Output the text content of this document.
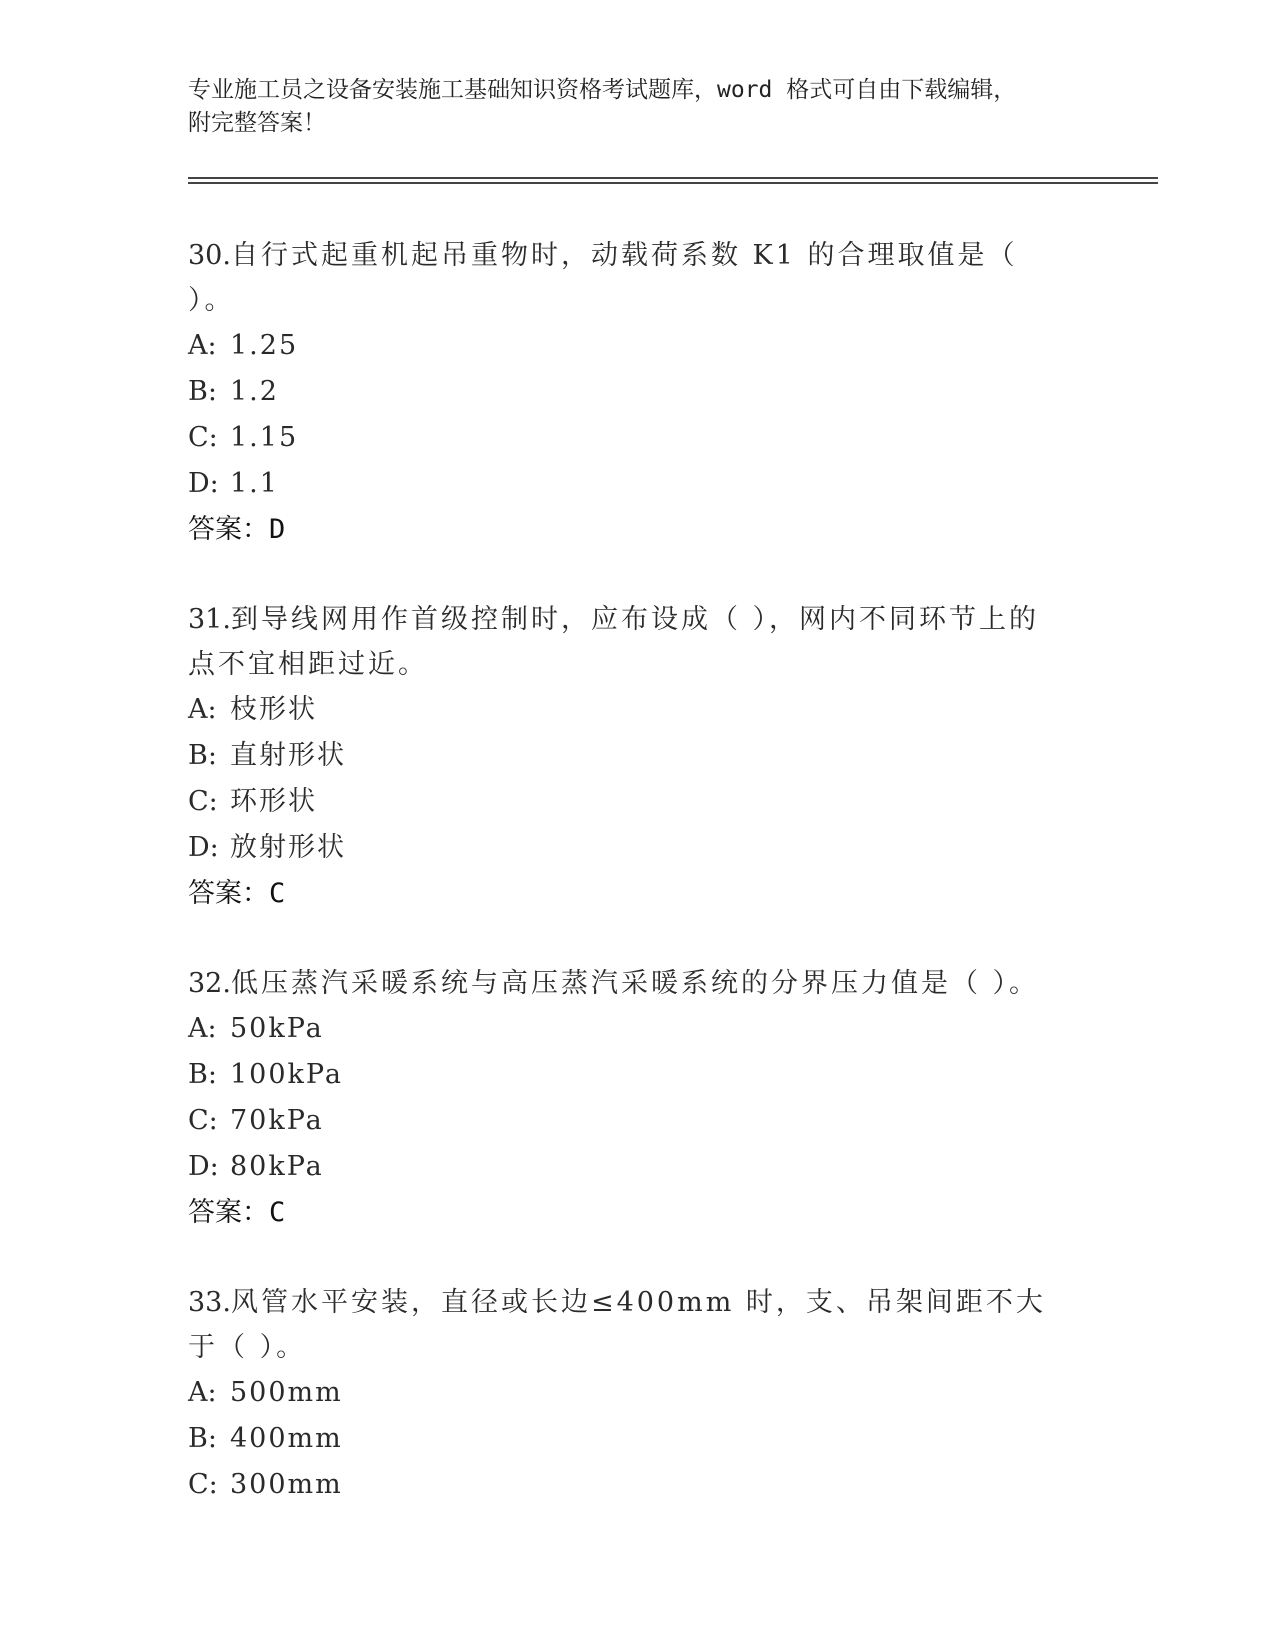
专业施工员之设备安装施工基础知识资格考试题库，word 格式可自由下载编辑，
附完整答案！
30.自行式起重机起吊重物时，动载荷系数 K1 的合理取值是（ ）。
A: 1.25
B: 1.2
C: 1.15
D: 1.1
答案：D
31.到导线网用作首级控制时，应布设成（ ），网内不同环节上的点不宜相距过近。
A: 枝形状
B: 直射形状
C: 环形状
D: 放射形状
答案：C
32.低压蒸汽采暖系统与高压蒸汽采暖系统的分界压力值是（ ）。
A: 50kPa
B: 100kPa
C: 70kPa
D: 80kPa
答案：C
33.风管水平安装，直径或长边≤400mm 时，支、吊架间距不大于（ ）。
A: 500mm
B: 400mm
C: 300mm
